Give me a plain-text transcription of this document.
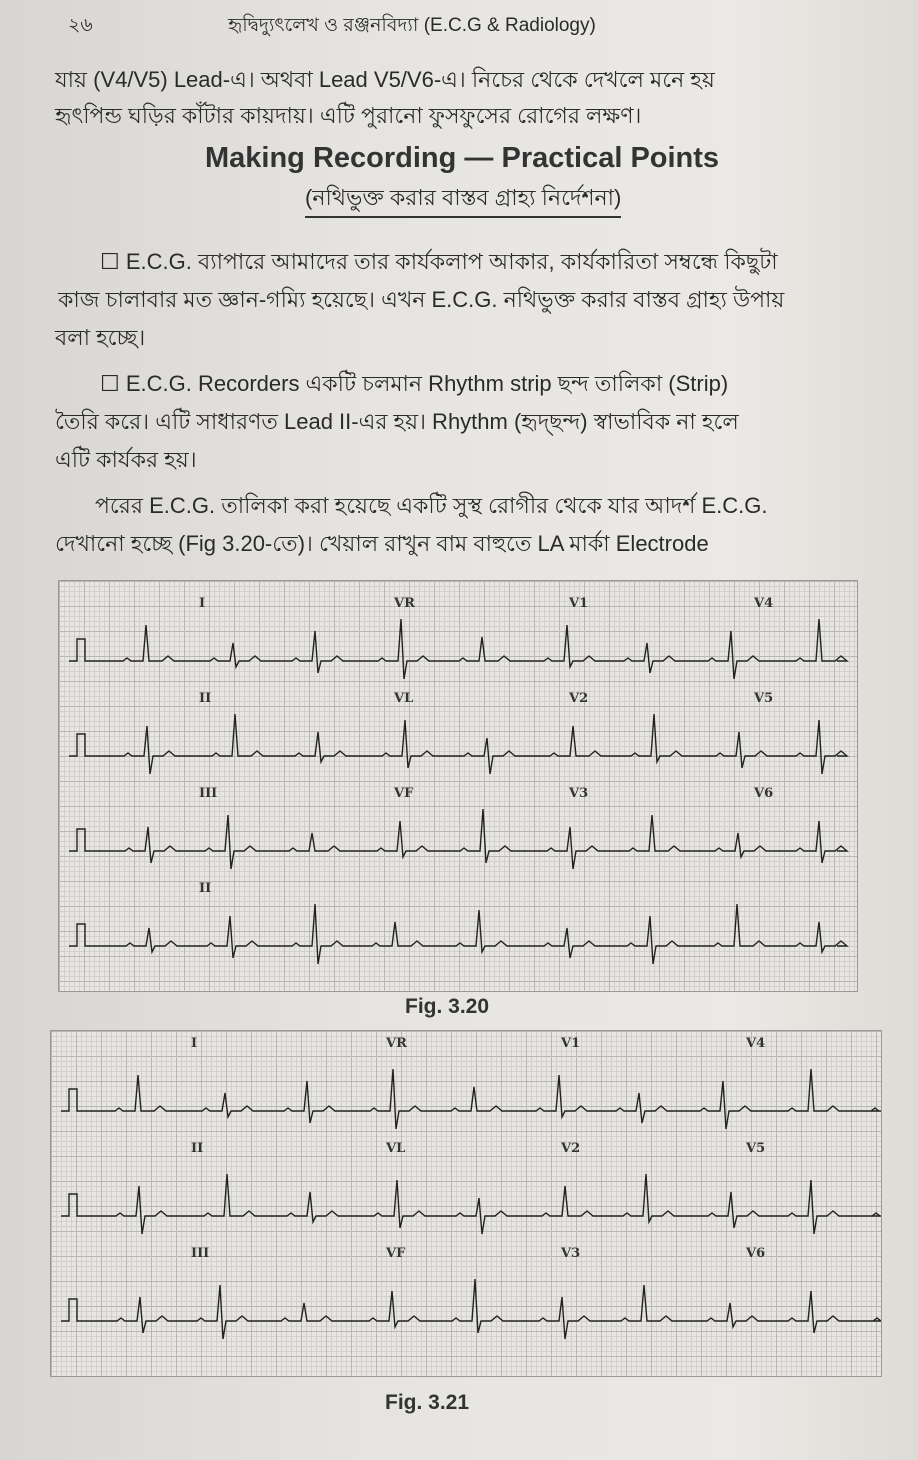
২৬	হৃদ্বিদ্যুৎলেখ ও রঞ্জনবিদ্যা (E.C.G & Radiology)
যায় (V4/V5) Lead-এ। অথবা Lead V5/V6-এ। নিচের থেকে দেখলে মনে হয়
হৃৎপিন্ড ঘড়ির কাঁটার কায়দায়। এটি পুরানো ফুসফুসের রোগের লক্ষণ।
Making Recording — Practical Points
(নথিভুক্ত করার বাস্তব গ্রাহ্য নির্দেশনা)
☐ E.C.G. ব্যাপারে আমাদের তার কার্যকলাপ আকার, কার্যকারিতা সম্বন্ধে কিছুটা
কাজ চালাবার মত জ্ঞান-গম্যি হয়েছে। এখন E.C.G. নথিভুক্ত করার বাস্তব গ্রাহ্য উপায়
বলা হচ্ছে।
☐ E.C.G. Recorders একটি চলমান Rhythm strip ছন্দ তালিকা (Strip)
তৈরি করে। এটি সাধারণত Lead II-এর হয়। Rhythm (হৃদ্ছন্দ) স্বাভাবিক না হলে
এটি কার্যকর হয়।
পরের E.C.G. তালিকা করা হয়েছে একটি সুস্থ রোগীর থেকে যার আদর্শ E.C.G.
দেখানো হচ্ছে (Fig 3.20-তে)। খেয়াল রাখুন বাম বাহুতে LA মার্কা Electrode
I	VR	V1	V4
II	VL	V2	V5
III	VF	V3	V6
II
Fig. 3.20
I	VR	V1	V4
II	VL	V2	V5
III	VF	V3	V6
Fig. 3.21
